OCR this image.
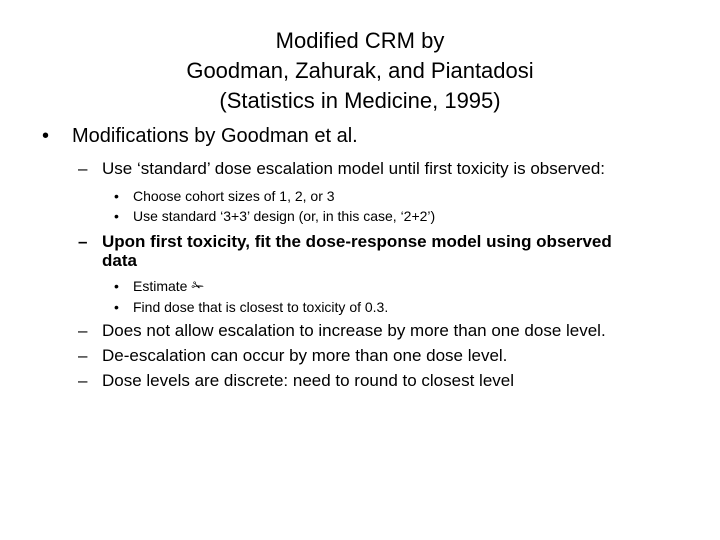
Modified CRM by
Goodman, Zahurak, and Piantadosi
(Statistics in Medicine, 1995)
• Modifications by Goodman et al.
– Use ‘standard’ dose escalation model until first toxicity is observed:
• Choose cohort sizes of 1, 2, or 3
• Use standard ‘3+3’ design (or, in this case, ‘2+2’)
– Upon first toxicity, fit the dose-response model using observed data
• Estimate ✁
• Find dose that is closest to toxicity of 0.3.
– Does not allow escalation to increase by more than one dose level.
– De-escalation can occur by more than one dose level.
– Dose levels are discrete: need to round to closest level
